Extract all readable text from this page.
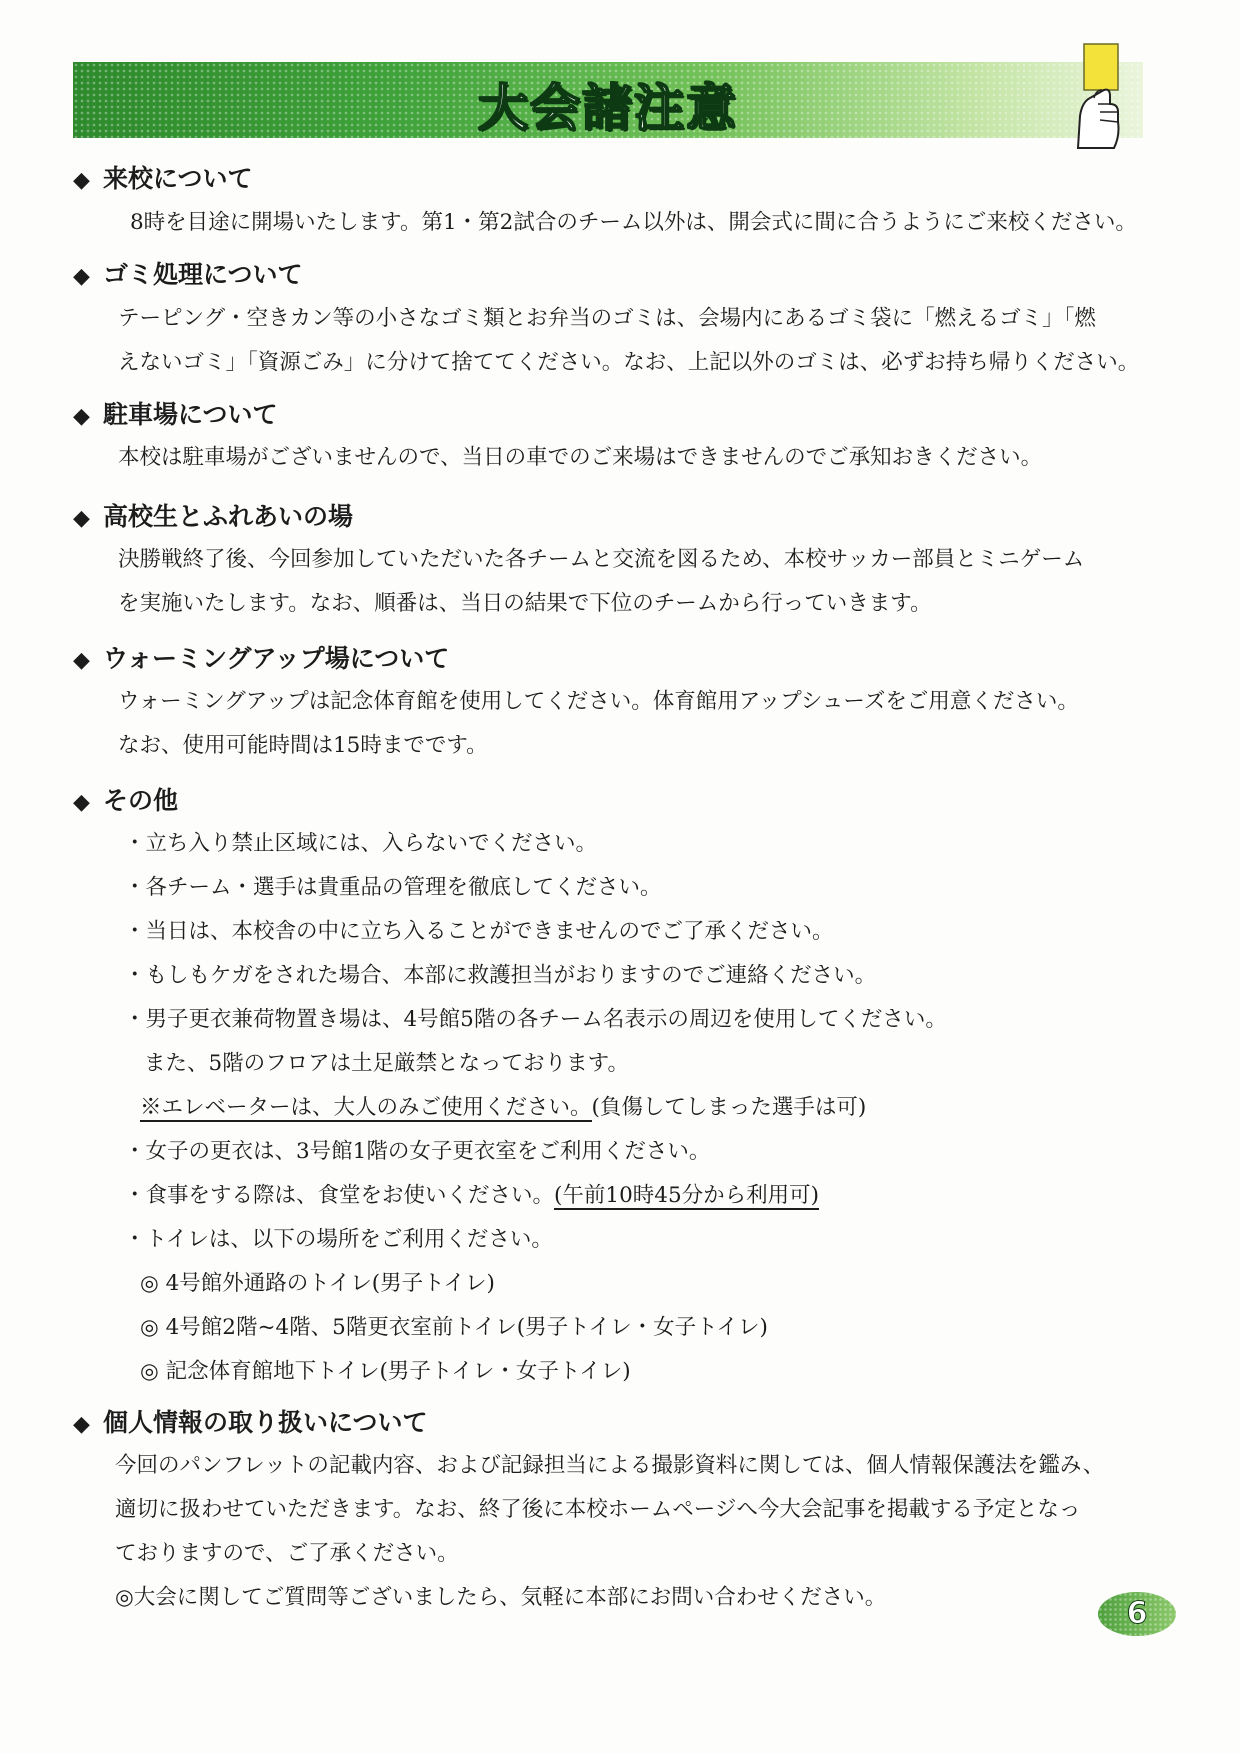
大会諸注意
◆ 来校について
8時を目途に開場いたします。第1・第2試合のチーム以外は、開会式に間に合うようにご来校ください。
◆ ゴミ処理について
テーピング・空きカン等の小さなゴミ類とお弁当のゴミは、会場内にあるゴミ袋に「燃えるゴミ」「燃
えないゴミ」「資源ごみ」に分けて捨ててください。なお、上記以外のゴミは、必ずお持ち帰りください。
◆ 駐車場について
本校は駐車場がございませんので、当日の車でのご来場はできませんのでご承知おきください。
◆ 高校生とふれあいの場
決勝戦終了後、今回参加していただいた各チームと交流を図るため、本校サッカー部員とミニゲーム
を実施いたします。なお、順番は、当日の結果で下位のチームから行っていきます。
◆ ウォーミングアップ場について
ウォーミングアップは記念体育館を使用してください。体育館用アップシューズをご用意ください。
なお、使用可能時間は15時までです。
◆ その他
・立ち入り禁止区域には、入らないでください。
・各チーム・選手は貴重品の管理を徹底してください。
・当日は、本校舎の中に立ち入ることができませんのでご了承ください。
・もしもケガをされた場合、本部に救護担当がおりますのでご連絡ください。
・男子更衣兼荷物置き場は、4号館5階の各チーム名表示の周辺を使用してください。
また、5階のフロアは土足厳禁となっております。
※エレベーターは、大人のみご使用ください。(負傷してしまった選手は可)
・女子の更衣は、3号館1階の女子更衣室をご利用ください。
・食事をする際は、食堂をお使いください。(午前10時45分から利用可)
・トイレは、以下の場所をご利用ください。
◎ 4号館外通路のトイレ(男子トイレ)
◎ 4号館2階~4階、5階更衣室前トイレ(男子トイレ・女子トイレ)
◎ 記念体育館地下トイレ(男子トイレ・女子トイレ)
◆ 個人情報の取り扱いについて
今回のパンフレットの記載内容、および記録担当による撮影資料に関しては、個人情報保護法を鑑み、
適切に扱わせていただきます。なお、終了後に本校ホームページへ今大会記事を掲載する予定となっ
ておりますので、ご了承ください。
◎大会に関してご質問等ございましたら、気軽に本部にお問い合わせください。	6
